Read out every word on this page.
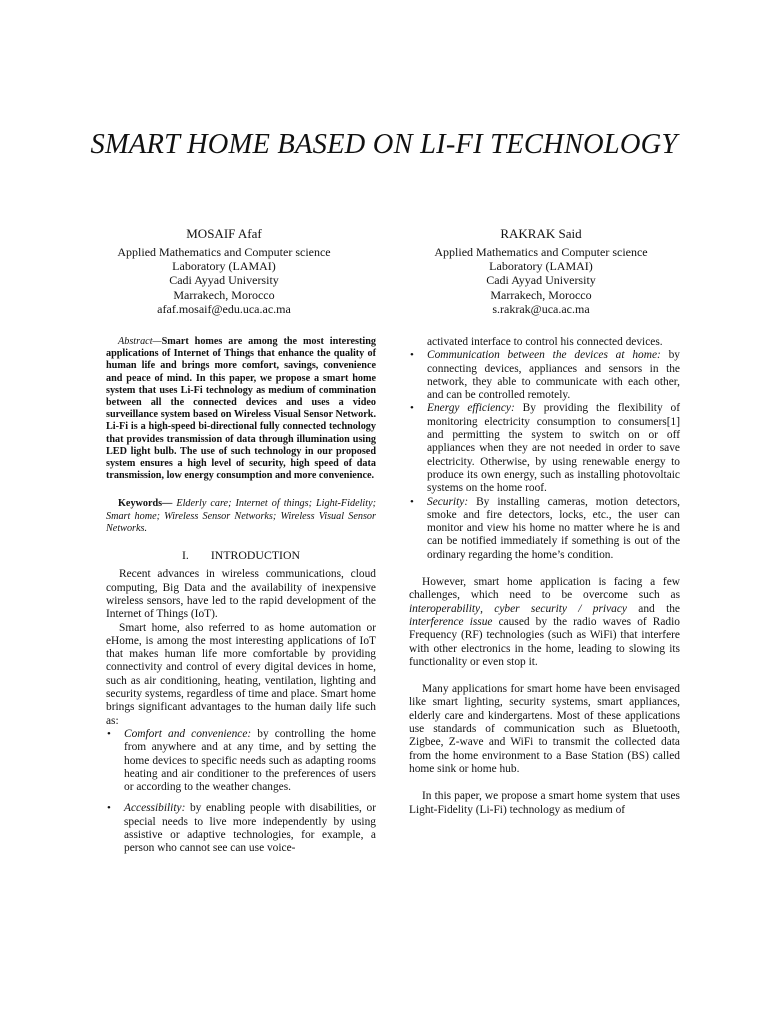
SMART HOME BASED ON LI-FI TECHNOLOGY
MOSAIF Afaf
Applied Mathematics and Computer science
Laboratory (LAMAI)
Cadi Ayyad University
Marrakech, Morocco
afaf.mosaif@edu.uca.ac.ma
RAKRAK Said
Applied Mathematics and Computer science
Laboratory (LAMAI)
Cadi Ayyad University
Marrakech, Morocco
s.rakrak@uca.ac.ma

Abstract—Smart homes are among the most interesting applications of Internet of Things that enhance the quality of human life and brings more comfort, savings, convenience and peace of mind. In this paper, we propose a smart home system that uses Li-Fi technology as medium of commination between all the connected devices and uses a video surveillance system based on Wireless Visual Sensor Network. Li-Fi is a high-speed bi-directional fully connected technology that provides transmission of data through illumination using LED light bulb. The use of such technology in our proposed system ensures a high level of security, high speed of data transmission, low energy consumption and more convenience.

Keywords— Elderly care; Internet of things; Light-Fidelity; Smart home; Wireless Sensor Networks; Wireless Visual Sensor Networks.

I. INTRODUCTION

Recent advances in wireless communications, cloud computing, Big Data and the availability of inexpensive wireless sensors, have led to the rapid development of the Internet of Things (IoT).

Smart home, also referred to as home automation or eHome, is among the most interesting applications of IoT that makes human life more comfortable by providing connectivity and control of every digital devices in home, such as air conditioning, heating, ventilation, lighting and security systems, regardless of time and place. Smart home brings significant advantages to the human daily life such as:

• Comfort and convenience: by controlling the home from anywhere and at any time, and by setting the home devices to specific needs such as adapting rooms heating and air conditioner to the preferences of users or according to the weather changes.
• Accessibility: by enabling people with disabilities, or special needs to live more independently by using assistive or adaptive technologies, for example, a person who cannot see can use voice-

activated interface to control his connected devices.

• Communication between the devices at home: by connecting devices, appliances and sensors in the network, they able to communicate with each other, and can be controlled remotely.
• Energy efficiency: By providing the flexibility of monitoring electricity consumption to consumers[1] and permitting the system to switch on or off appliances when they are not needed in order to save electricity. Otherwise, by using renewable energy to produce its own energy, such as installing photovoltaic systems on the home roof.
• Security: By installing cameras, motion detectors, smoke and fire detectors, locks, etc., the user can monitor and view his home no matter where he is and can be notified immediately if something is out of the ordinary regarding the home’s condition.

However, smart home application is facing a few challenges, which need to be overcome such as interoperability, cyber security / privacy and the interference issue caused by the radio waves of Radio Frequency (RF) technologies (such as WiFi) that interfere with other electronics in the home, leading to slowing its functionality or even stop it.

Many applications for smart home have been envisaged like smart lighting, security systems, smart appliances, elderly care and kindergartens. Most of these applications use standards of communication such as Bluetooth, Zigbee, Z-wave and WiFi to transmit the collected data from the home environment to a Base Station (BS) called home sink or home hub.

In this paper, we propose a smart home system that uses Light-Fidelity (Li-Fi) technology as medium of
